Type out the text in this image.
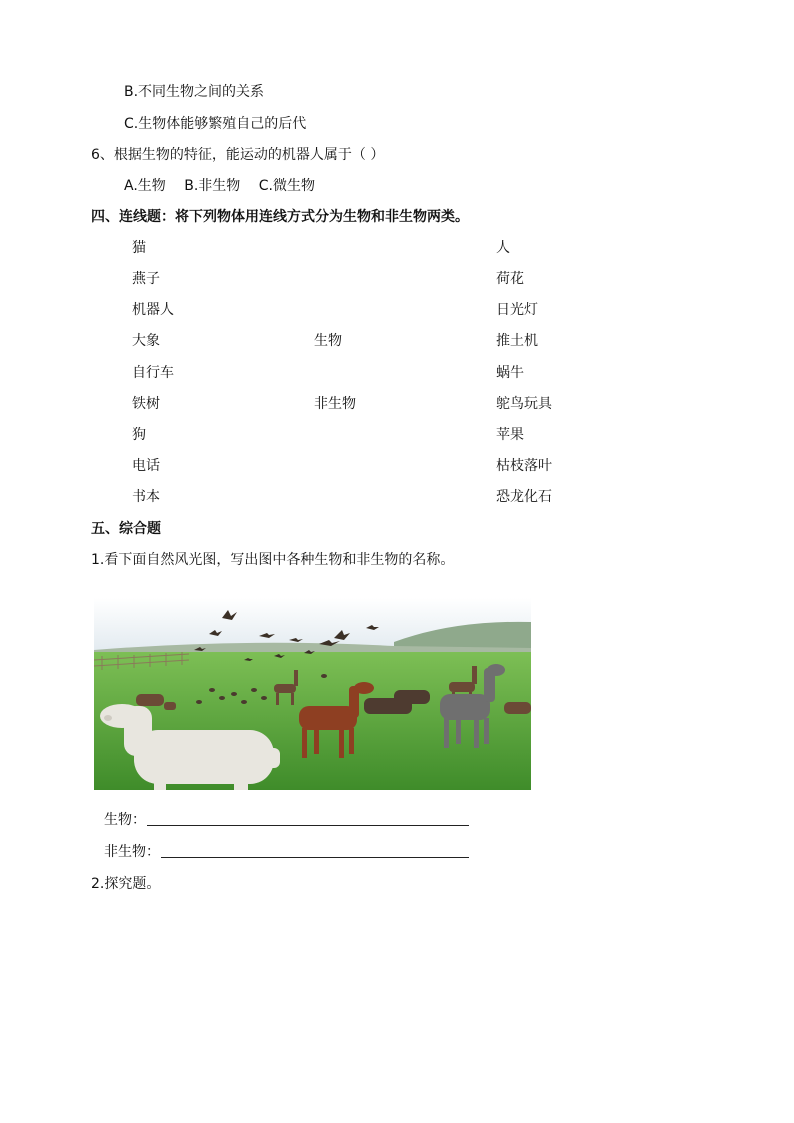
B.不同生物之间的关系
C.生物体能够繁殖自己的后代
6、根据生物的特征，能运动的机器人属于（ ）
A.生物 B.非生物 C.微生物
四、连线题：将下列物体用连线方式分为生物和非生物两类。
猫
燕子
机器人
大象
自行车
铁树
狗
电话
书本
生物
非生物
人
荷花
日光灯
推土机
蜗牛
鸵鸟玩具
苹果
枯枝落叶
恐龙化石
五、综合题
1.看下面自然风光图，写出图中各种生物和非生物的名称。
生物：
非生物：
2.探究题。
